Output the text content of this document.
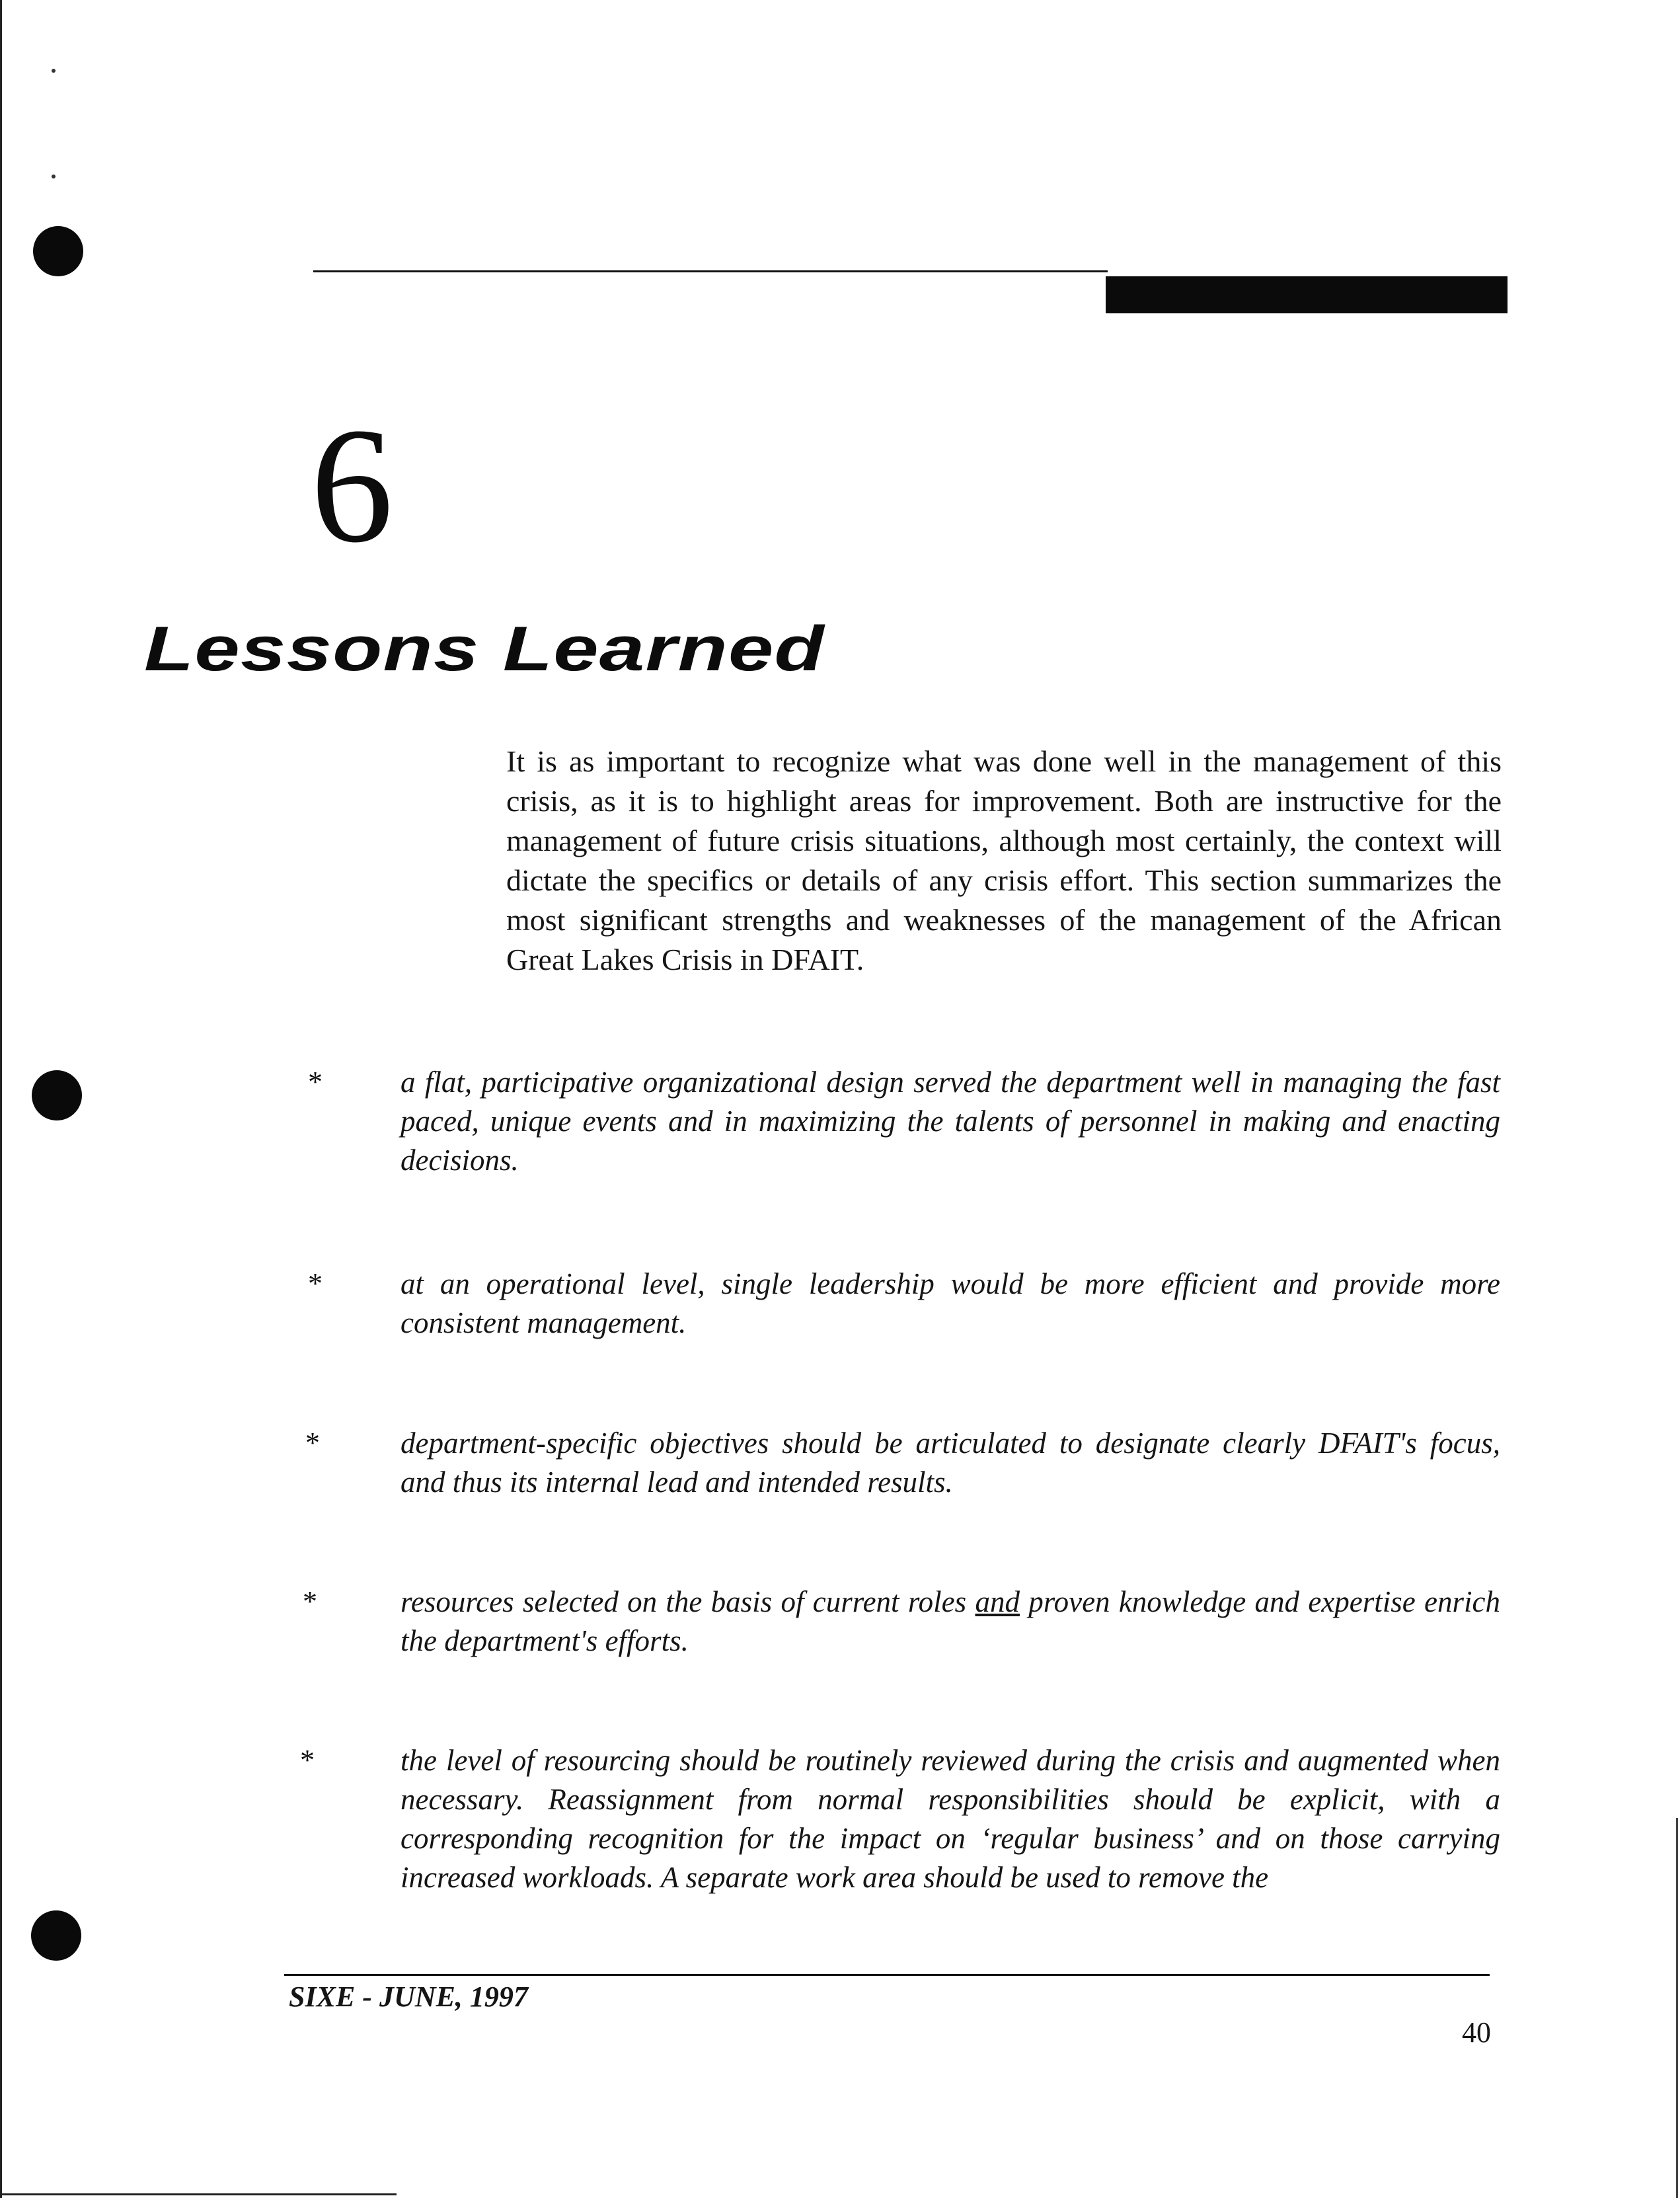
6
Lessons Learned
It is as important to recognize what was done well in the management of this crisis, as it is to highlight areas for improvement. Both are instructive for the management of future crisis situations, although most certainly, the context will dictate the specifics or details of any crisis effort. This section summarizes the most significant strengths and weaknesses of the management of the African Great Lakes Crisis in DFAIT.
*	a flat, participative organizational design served the department well in managing the fast paced, unique events and in maximizing the talents of personnel in making and enacting decisions.
*	at an operational level, single leadership would be more efficient and provide more consistent management.
*	department-specific objectives should be articulated to designate clearly DFAIT's focus, and thus its internal lead and intended results.
*	resources selected on the basis of current roles and proven knowledge and expertise enrich the department's efforts.
*	the level of resourcing should be routinely reviewed during the crisis and augmented when necessary. Reassignment from normal responsibilities should be explicit, with a corresponding recognition for the impact on ‘regular business’ and on those carrying increased workloads. A separate work area should be used to remove the
SIXE - JUNE, 1997
40
